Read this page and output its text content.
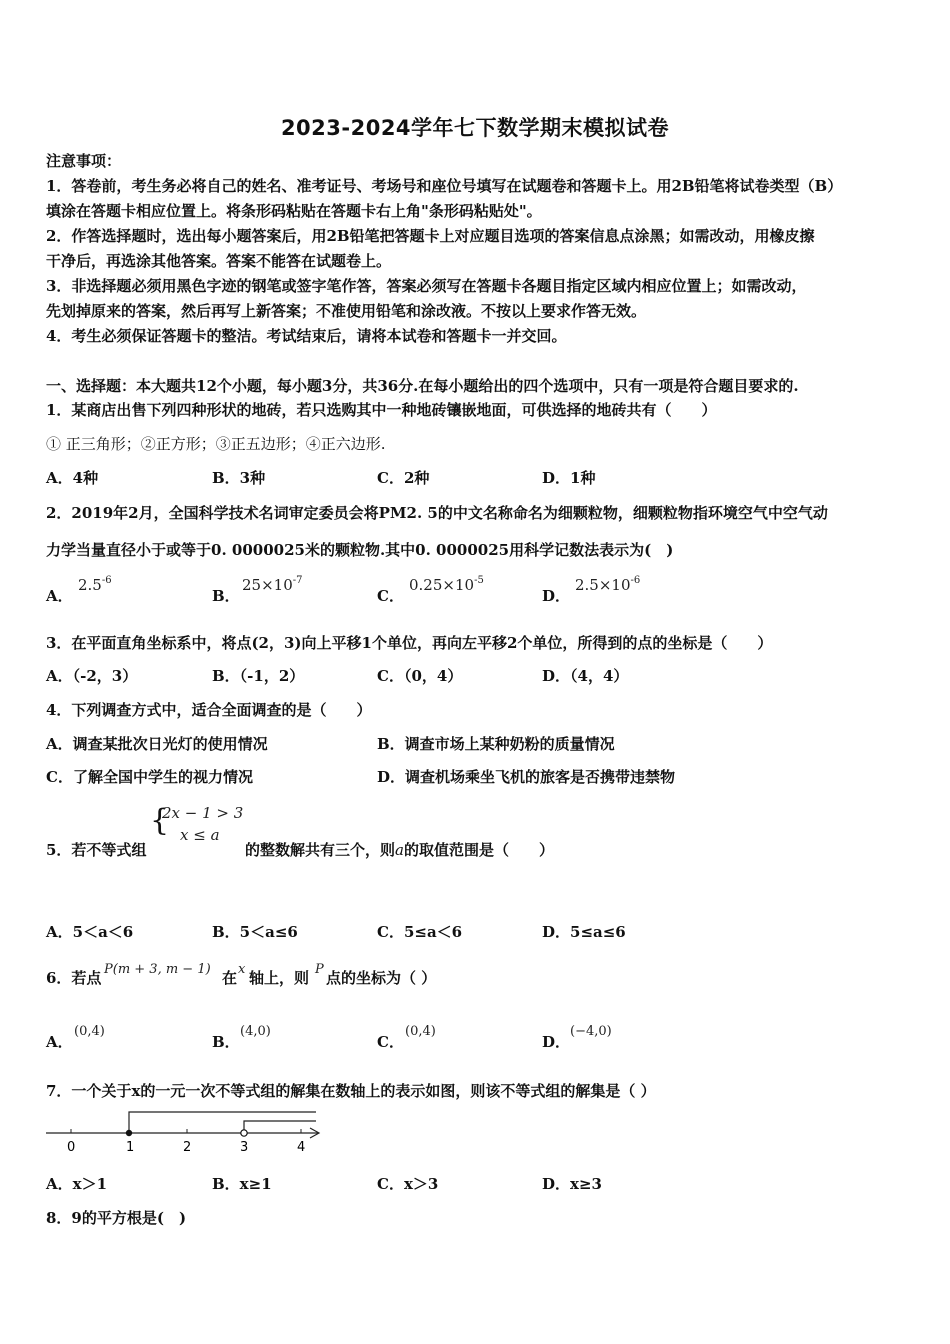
2023-2024学年七下数学期末模拟试卷
注意事项：
1．答卷前，考生务必将自己的姓名、准考证号、考场号和座位号填写在试题卷和答题卡上。用2B铅笔将试卷类型（B）
填涂在答题卡相应位置上。将条形码粘贴在答题卡右上角"条形码粘贴处"。
2．作答选择题时，选出每小题答案后，用2B铅笔把答题卡上对应题目选项的答案信息点涂黑；如需改动，用橡皮擦
干净后，再选涂其他答案。答案不能答在试题卷上。
3．非选择题必须用黑色字迹的钢笔或签字笔作答，答案必须写在答题卡各题目指定区域内相应位置上；如需改动，
先划掉原来的答案，然后再写上新答案；不准使用铅笔和涂改液。不按以上要求作答无效。
4．考生必须保证答题卡的整洁。考试结束后，请将本试卷和答题卡一并交回。
一、选择题：本大题共12个小题，每小题3分，共36分.在每小题给出的四个选项中，只有一项是符合题目要求的.
1．某商店出售下列四种形状的地砖，若只选购其中一种地砖镶嵌地面，可供选择的地砖共有（　　）
① 正三角形；②正方形；③正五边形；④正六边形.
A．4种	B．3种	C．2种	D．1种
2．2019年2月，全国科学技术名词审定委员会将PM2. 5的中文名称命名为细颗粒物，细颗粒物指环境空气中空气动
力学当量直径小于或等于0. 0000025米的颗粒物.其中0. 0000025用科学记数法表示为(　)
A．
$2.5^{-6}$
B．
$25\times 10^{-7}$
C．
$0.25\times 10^{-5}$
D．
$2.5\times 10^{-6}$
3．在平面直角坐标系中，将点(2，3)向上平移1个单位，再向左平移2个单位，所得到的点的坐标是（　　）
A．（-2，3）	B．（-1，2）	C．（0，4）	D．（4，4）
4．下列调查方式中，适合全面调查的是（　　）
A．调查某批次日光灯的使用情况	B．调查市场上某种奶粉的质量情况
C．了解全国中学生的视力情况	D．调查机场乘坐飞机的旅客是否携带违禁物
5．若不等式组
{
2x − 1 > 3
x ≤ a
的整数解共有三个，则a的取值范围是（　　）
A．5＜a＜6	B．5＜a≤6	C．5≤a＜6	D．5≤a≤6
6．若点 P(m + 3, m − 1) 在 x 轴上，则 P 点的坐标为（ ）
A．
(0,4)
B．
(4,0)
C．
(0,4)
D．
(−4,0)
7．一个关于x的一元一次不等式组的解集在数轴上的表示如图，则该不等式组的解集是（ ）
0	1	2	3	4
A．x＞1	B．x≥1	C．x＞3	D．x≥3
8．9的平方根是(　)
